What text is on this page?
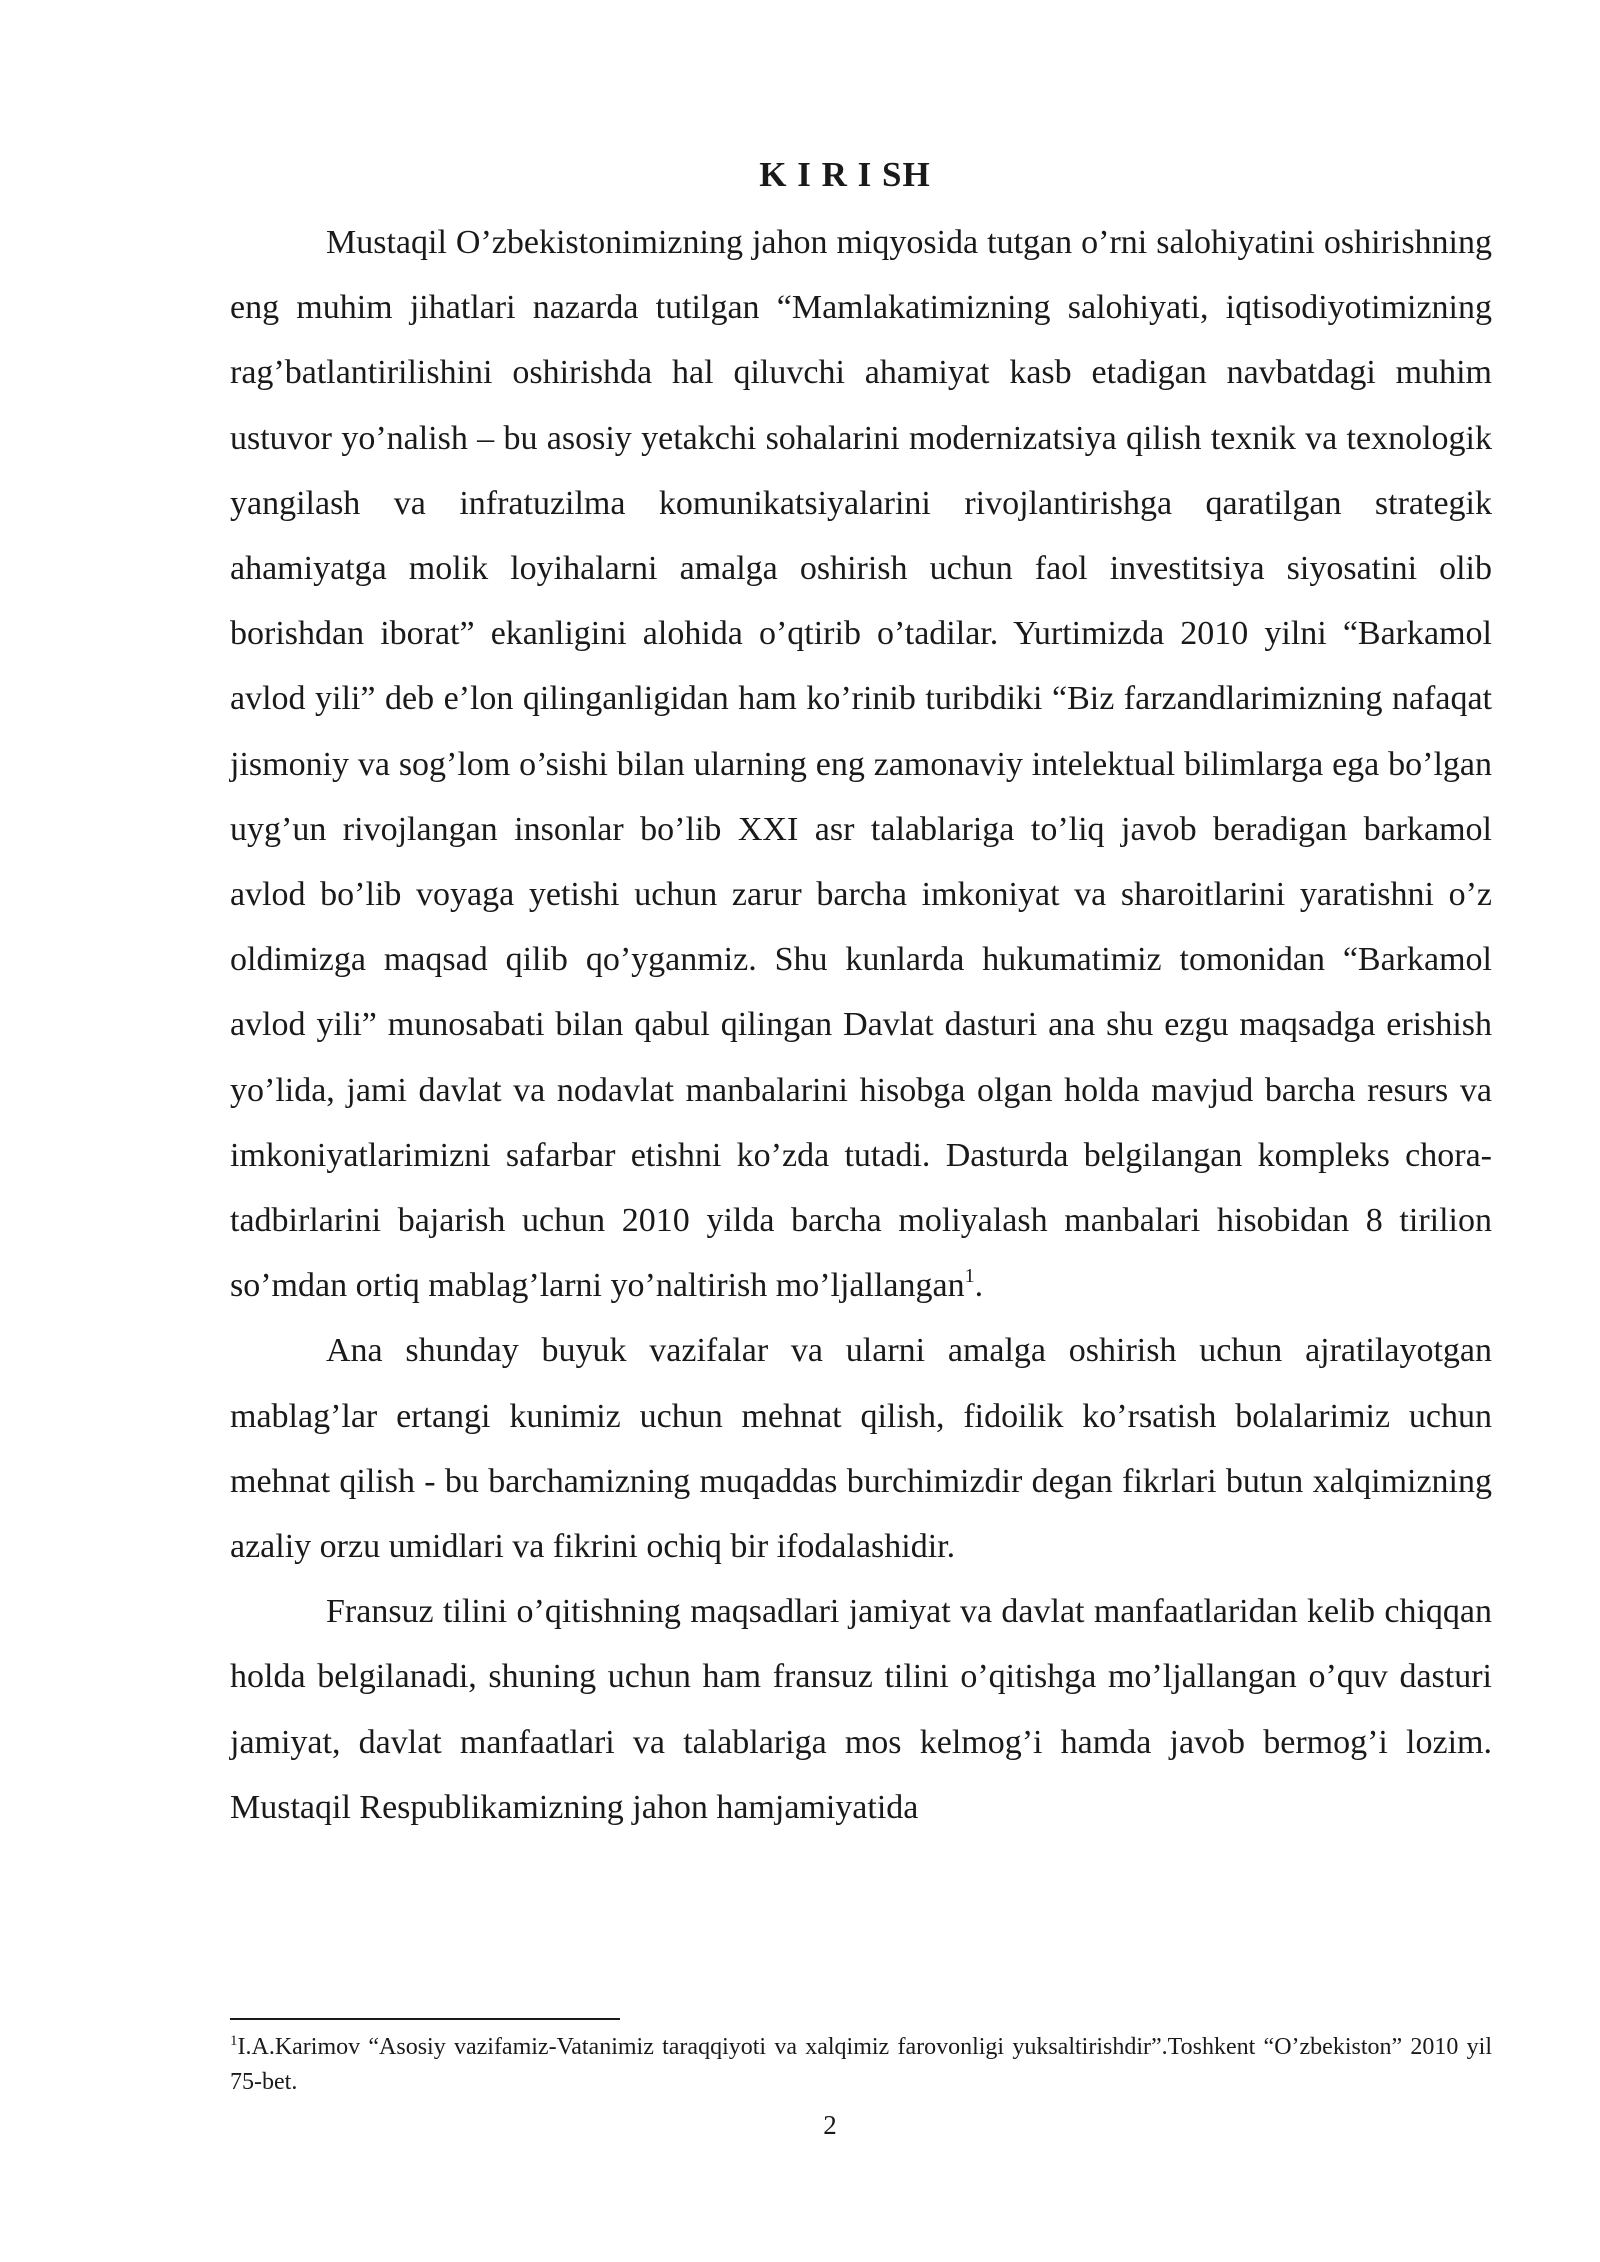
K I R I SH

Mustaqil O’zbekistonimizning jahon miqyosida tutgan o’rni salohiyatini oshirishning eng muhim jihatlari nazarda tutilgan “Mamlakatimizning salohiyati, iqtisodiyotimizning rag’batlantirilishini oshirishda hal qiluvchi ahamiyat kasb etadigan navbatdagi muhim ustuvor yo’nalish – bu asosiy yetakchi sohalarini modernizatsiya qilish texnik va texnologik yangilash va infratuzilma komunikatsiyalarini rivojlantirishga qaratilgan strategik ahamiyatga molik loyihalarni amalga oshirish uchun faol investitsiya siyosatini olib borishdan iborat” ekanligini alohida o’qtirib o’tadilar. Yurtimizda 2010 yilni “Barkamol avlod yili” deb e’lon qilinganligidan ham ko’rinib turibdiki “Biz farzandlarimizning nafaqat jismoniy va sog’lom o’sishi bilan ularning eng zamonaviy intelektual bilimlarga ega bo’lgan uyg’un rivojlangan insonlar bo’lib XXI asr talablariga to’liq javob beradigan barkamol avlod bo’lib voyaga yetishi uchun zarur barcha imkoniyat va sharoitlarini yaratishni o’z oldimizga maqsad qilib qo’yganmiz. Shu kunlarda hukumatimiz tomonidan “Barkamol avlod yili” munosabati bilan qabul qilingan Davlat dasturi ana shu ezgu maqsadga erishish yo’lida, jami davlat va nodavlat manbalarini hisobga olgan holda mavjud barcha resurs va imkoniyatlarimizni safarbar etishni ko’zda tutadi. Dasturda belgilangan kompleks chora-tadbirlarini bajarish uchun 2010 yilda barcha moliyalash manbalari hisobidan 8 tirilion so’mdan ortiq mablag’larni yo’naltirish mo’ljallangan$^1$.

Ana shunday buyuk vazifalar va ularni amalga oshirish uchun ajratilayotgan mablag’lar ertangi kunimiz uchun mehnat qilish, fidoilik ko’rsatish bolalarimiz uchun mehnat qilish - bu barchamizning muqaddas burchimizdir degan fikrlari butun xalqimizning azaliy orzu umidlari va fikrini ochiq bir ifodalashidir.

Fransuz tilini o’qitishning maqsadlari jamiyat va davlat manfaatlaridan kelib chiqqan holda belgilanadi, shuning uchun ham fransuz tilini o’qitishga mo’ljallangan o’quv dasturi jamiyat, davlat manfaatlari va talablariga mos kelmog’i hamda javob bermog’i lozim. Mustaqil Respublikamizning jahon hamjamiyatida

$^1$I.A.Karimov “Asosiy vazifamiz-Vatanimiz taraqqiyoti va xalqimiz farovonligi yuksaltirishdir”.Toshkent “O’zbekiston” 2010 yil 75-bet.
2
